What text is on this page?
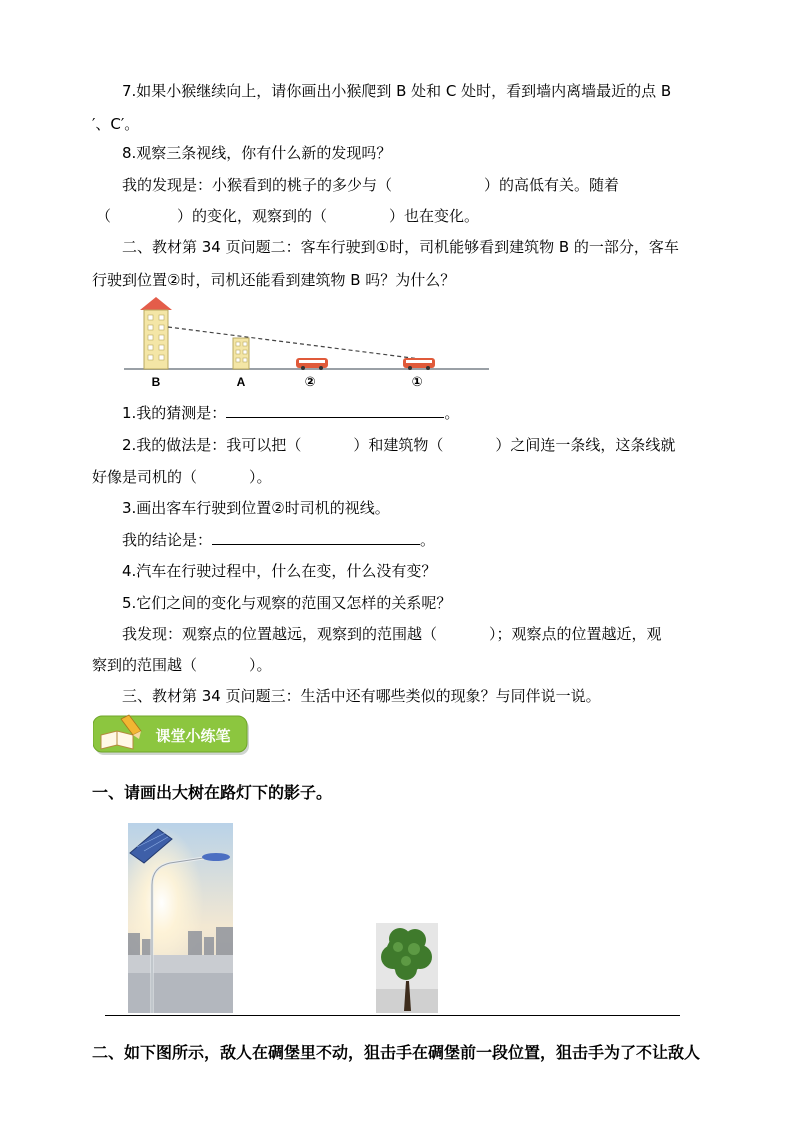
7.如果小猴继续向上，请你画出小猴爬到 B 处和 C 处时，看到墙内离墙最近的点 B
′、C′。
8.观察三条视线，你有什么新的发现吗？
我的发现是：小猴看到的桃子的多少与（	）的高低有关。随着
（	）的变化，观察到的（	）也在变化。
二、教材第 34 页问题二：客车行驶到①时，司机能够看到建筑物 B 的一部分，客车
行驶到位置②时，司机还能看到建筑物 B 吗？为什么？
B	A	②	①
1.我的猜测是：	。
2.我的做法是：我可以把（	）和建筑物（	）之间连一条线，这条线就
好像是司机的（	）。
3.画出客车行驶到位置②时司机的视线。
我的结论是：	。
4.汽车在行驶过程中，什么在变，什么没有变？
5.它们之间的变化与观察的范围又怎样的关系呢？
我发现：观察点的位置越远，观察到的范围越（	）；观察点的位置越近，观
察到的范围越（	）。
三、教材第 34 页问题三：生活中还有哪些类似的现象？与同伴说一说。
课堂小练笔
一、请画出大树在路灯下的影子。
二、如下图所示，敌人在碉堡里不动，狙击手在碉堡前一段位置，狙击手为了不让敌人
